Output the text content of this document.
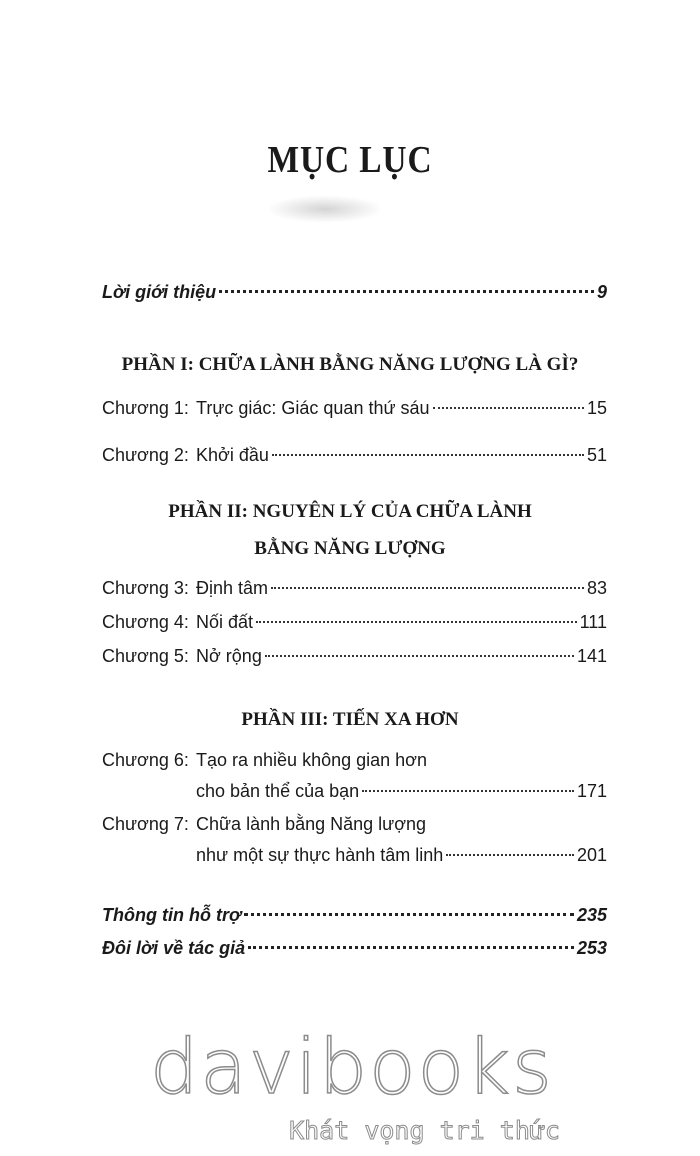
MỤC LỤC
Lời giới thiệu	9
PHẦN I: CHỮA LÀNH BẰNG NĂNG LƯỢNG LÀ GÌ?
Chương 1: Trực giác: Giác quan thứ sáu	15
Chương 2: Khởi đầu	51
PHẦN II: NGUYÊN LÝ CỦA CHỮA LÀNH
BẰNG NĂNG LƯỢNG
Chương 3: Định tâm	83
Chương 4: Nối đất	111
Chương 5: Nở rộng	141
PHẦN III: TIẾN XA HƠN
Chương 6: Tạo ra nhiều không gian hơn
cho bản thể của bạn	171
Chương 7: Chữa lành bằng Năng lượng
như một sự thực hành tâm linh	201
Thông tin hỗ trợ	235
Đôi lời về tác giả	253
davibooks
Khát vọng tri thức
